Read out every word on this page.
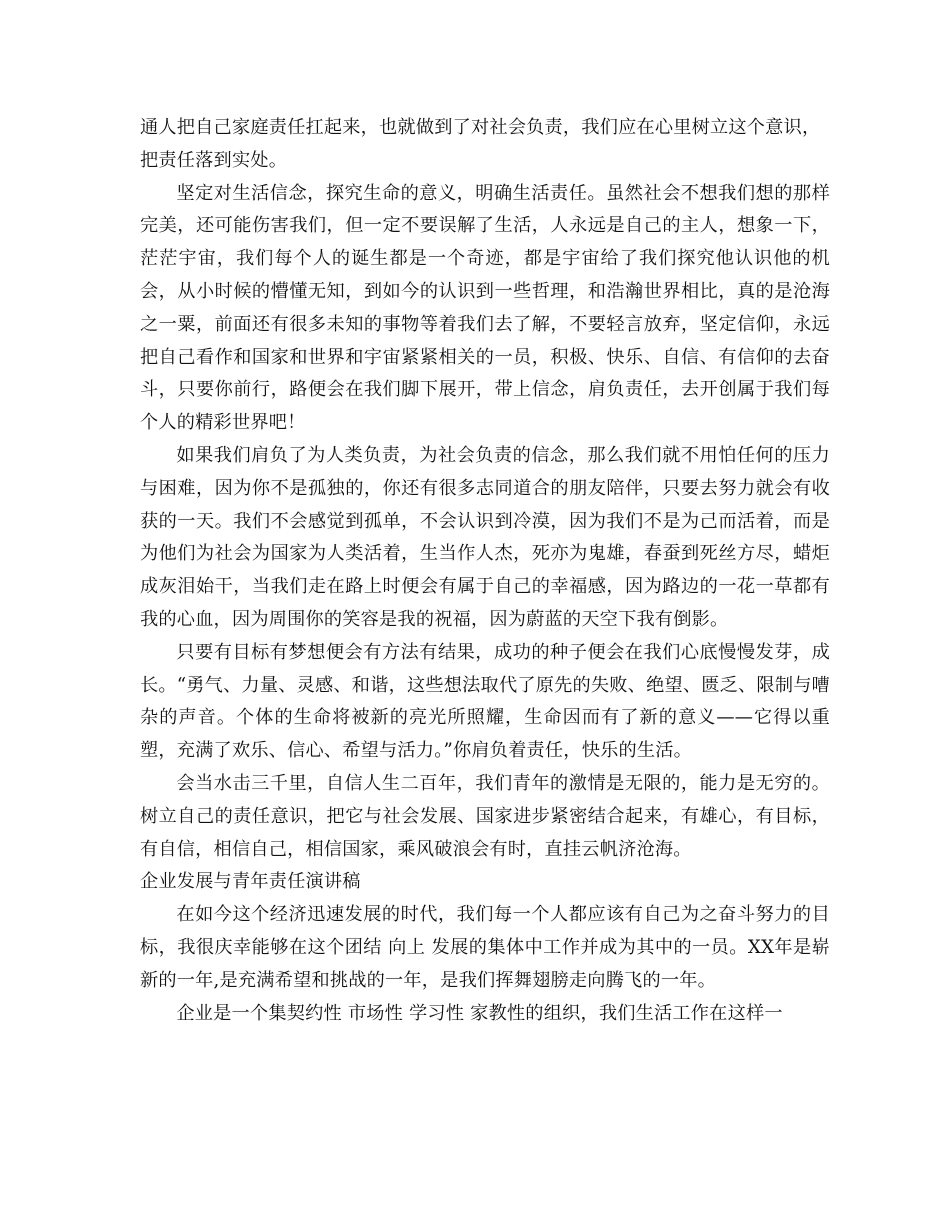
通人把自己家庭责任扛起来，也就做到了对社会负责，我们应在心里树立这个意识，把责任落到实处。

坚定对生活信念，探究生命的意义，明确生活责任。虽然社会不想我们想的那样完美，还可能伤害我们，但一定不要误解了生活，人永远是自己的主人，想象一下，茫茫宇宙，我们每个人的诞生都是一个奇迹，都是宇宙给了我们探究他认识他的机会，从小时候的懵懂无知，到如今的认识到一些哲理，和浩瀚世界相比，真的是沧海之一粟，前面还有很多未知的事物等着我们去了解，不要轻言放弃，坚定信仰，永远把自己看作和国家和世界和宇宙紧紧相关的一员，积极、快乐、自信、有信仰的去奋斗，只要你前行，路便会在我们脚下展开，带上信念，肩负责任，去开创属于我们每个人的精彩世界吧！

如果我们肩负了为人类负责，为社会负责的信念，那么我们就不用怕任何的压力与困难，因为你不是孤独的，你还有很多志同道合的朋友陪伴，只要去努力就会有收获的一天。我们不会感觉到孤单，不会认识到冷漠，因为我们不是为己而活着，而是为他们为社会为国家为人类活着，生当作人杰，死亦为鬼雄，春蚕到死丝方尽，蜡炬成灰泪始干，当我们走在路上时便会有属于自己的幸福感，因为路边的一花一草都有我的心血，因为周围你的笑容是我的祝福，因为蔚蓝的天空下我有倒影。

只要有目标有梦想便会有方法有结果，成功的种子便会在我们心底慢慢发芽，成长。“勇气、力量、灵感、和谐，这些想法取代了原先的失败、绝望、匮乏、限制与嘈杂的声音。个体的生命将被新的亮光所照耀，生命因而有了新的意义——它得以重塑，充满了欢乐、信心、希望与活力。”你肩负着责任，快乐的生活。

会当水击三千里，自信人生二百年，我们青年的激情是无限的，能力是无穷的。树立自己的责任意识，把它与社会发展、国家进步紧密结合起来，有雄心，有目标，有自信，相信自己，相信国家，乘风破浪会有时，直挂云帆济沧海。

企业发展与青年责任演讲稿

在如今这个经济迅速发展的时代，我们每一个人都应该有自己为之奋斗努力的目标，我很庆幸能够在这个团结 向上 发展的集体中工作并成为其中的一员。XX年是崭新的一年,是充满希望和挑战的一年，是我们挥舞翅膀走向腾飞的一年。

企业是一个集契约性 市场性 学习性 家教性的组织，我们生活工作在这样一
